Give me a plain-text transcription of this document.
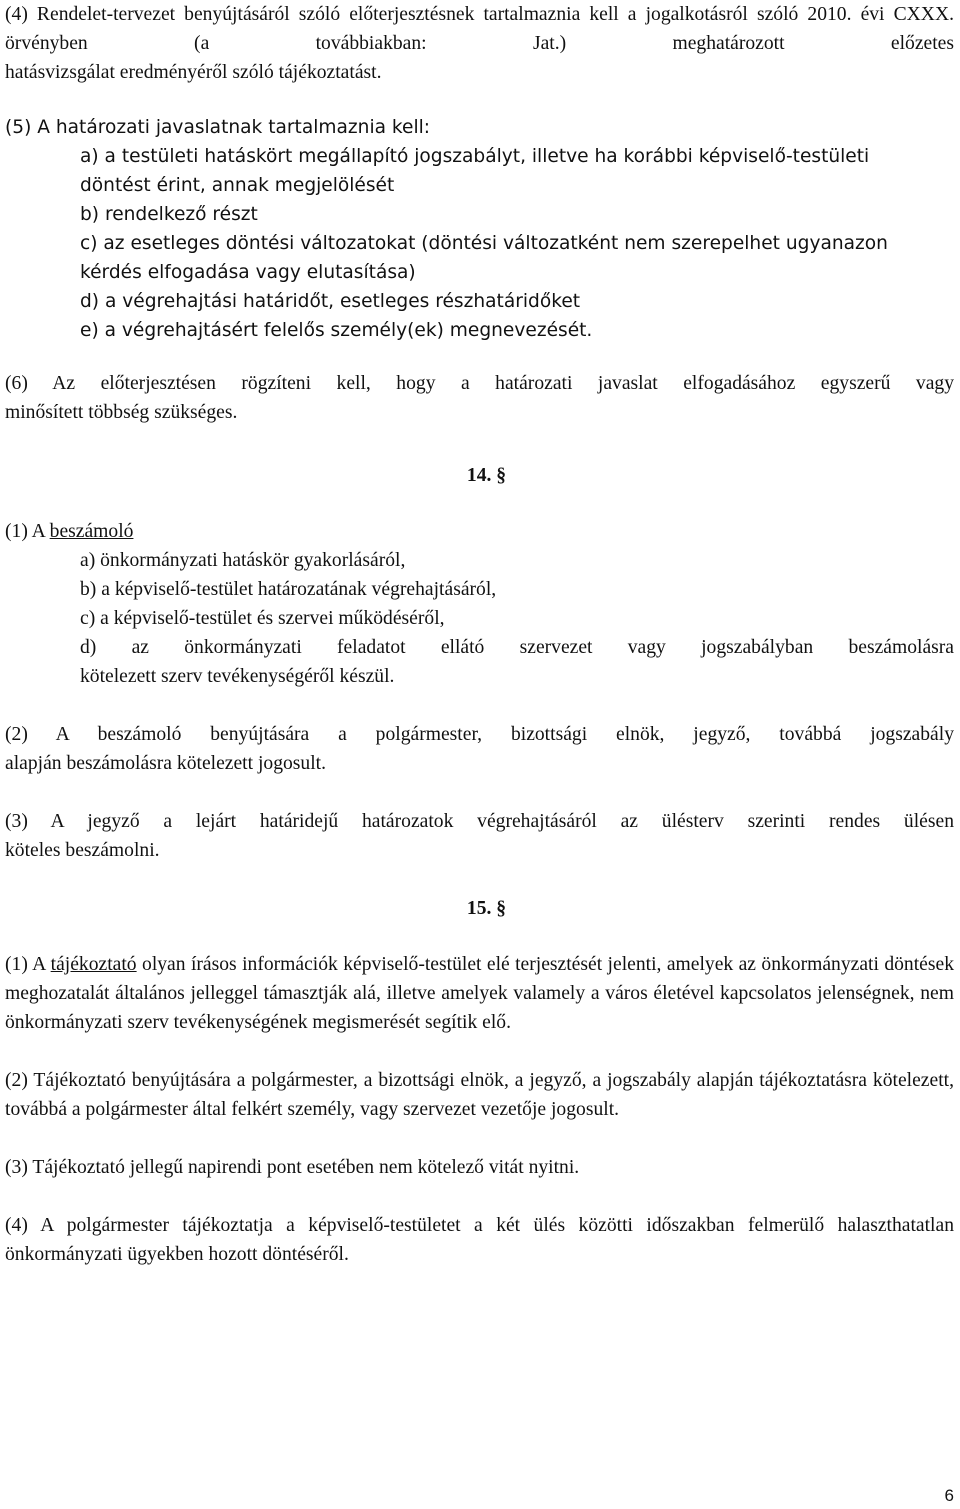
(4) Rendelet-tervezet benyújtásáról szóló előterjesztésnek tartalmaznia kell a jogalkotásról szóló 2010. évi CXXX. örvényben (a továbbiakban: Jat.) meghatározott előzetes

hatásvizsgálat eredményéről szóló tájékoztatást.

(5) A határozati javaslatnak tartalmaznia kell:
a) a testületi hatáskört megállapító jogszabályt, illetve ha korábbi képviselő-testületi
döntést érint, annak megjelölését
b) rendelkező részt
c) az esetleges döntési változatokat (döntési változatként nem szerepelhet ugyanazon
kérdés elfogadása vagy elutasítása)
d) a végrehajtási határidőt, esetleges részhatáridőket
e) a végrehajtásért felelős személy(ek) megnevezését.

(6) Az előterjesztésen rögzíteni kell, hogy a határozati javaslat elfogadásához egyszerű vagy

minősített többség szükséges.

14. §

(1) A beszámoló
a) önkormányzati hatáskör gyakorlásáról,
b) a képviselő-testület határozatának végrehajtásáról,
c) a képviselő-testület és szervei működéséről,

d) az önkormányzati feladatot ellátó szervezet vagy jogszabályban beszámolásra

kötelezett szerv tevékenységéről készül.

(2) A beszámoló benyújtására a polgármester, bizottsági elnök, jegyző, továbbá jogszabály

alapján beszámolásra kötelezett jogosult.

(3) A jegyző a lejárt határidejű határozatok végrehajtásáról az ülésterv szerinti rendes ülésen

köteles beszámolni.

15. §

(1) A tájékoztató olyan írásos információk képviselő-testület elé terjesztését jelenti, amelyek az önkormányzati döntések meghozatalát általános jelleggel támasztják alá, illetve amelyek valamely a város életével kapcsolatos jelenségnek, nem önkormányzati szerv tevékenységének megismerését segítik elő.

(2) Tájékoztató benyújtására a polgármester, a bizottsági elnök, a jegyző, a jogszabály alapján tájékoztatásra kötelezett, továbbá a polgármester által felkért személy, vagy szervezet vezetője jogosult.

(3) Tájékoztató jellegű napirendi pont esetében nem kötelező vitát nyitni.

(4) A polgármester tájékoztatja a képviselő-testületet a két ülés közötti időszakban felmerülő halaszthatatlan önkormányzati ügyekben hozott döntéséről.

6
